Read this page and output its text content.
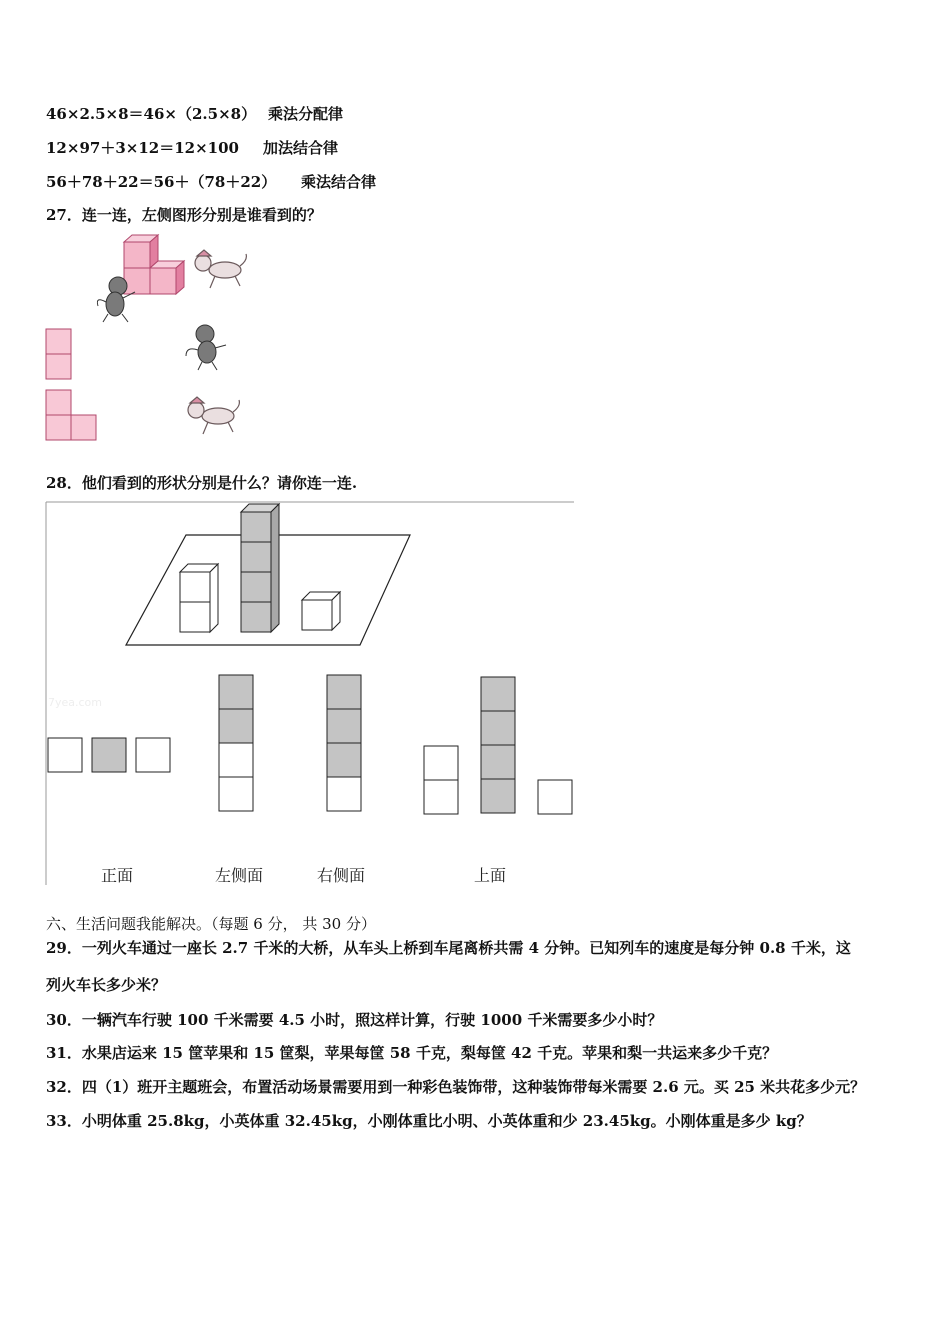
46×2.5×8＝46×（2.5×8） 乘法分配律
12×97＋3×12＝12×100 加法结合律
56＋78＋22＝56＋（78＋22） 乘法结合律
27．连一连，左侧图形分别是谁看到的？
28．他们看到的形状分别是什么？请你连一连.
7yea.com
正面	左侧面	右侧面	上面
六、生活问题我能解决。（每题 6 分， 共 30 分）
29．一列火车通过一座长 2.7 千米的大桥，从车头上桥到车尾离桥共需 4 分钟。已知列车的速度是每分钟 0.8 千米，这
列火车长多少米？
30．一辆汽车行驶 100 千米需要 4.5 小时，照这样计算，行驶 1000 千米需要多少小时？
31．水果店运来 15 筐苹果和 15 筐梨，苹果每筐 58 千克，梨每筐 42 千克。苹果和梨一共运来多少千克？
32．四（1）班开主题班会，布置活动场景需要用到一种彩色装饰带，这种装饰带每米需要 2.6 元。买 25 米共花多少元？
33．小明体重 25.8kg，小英体重 32.45kg，小刚体重比小明、小英体重和少 23.45kg。小刚体重是多少 kg？
